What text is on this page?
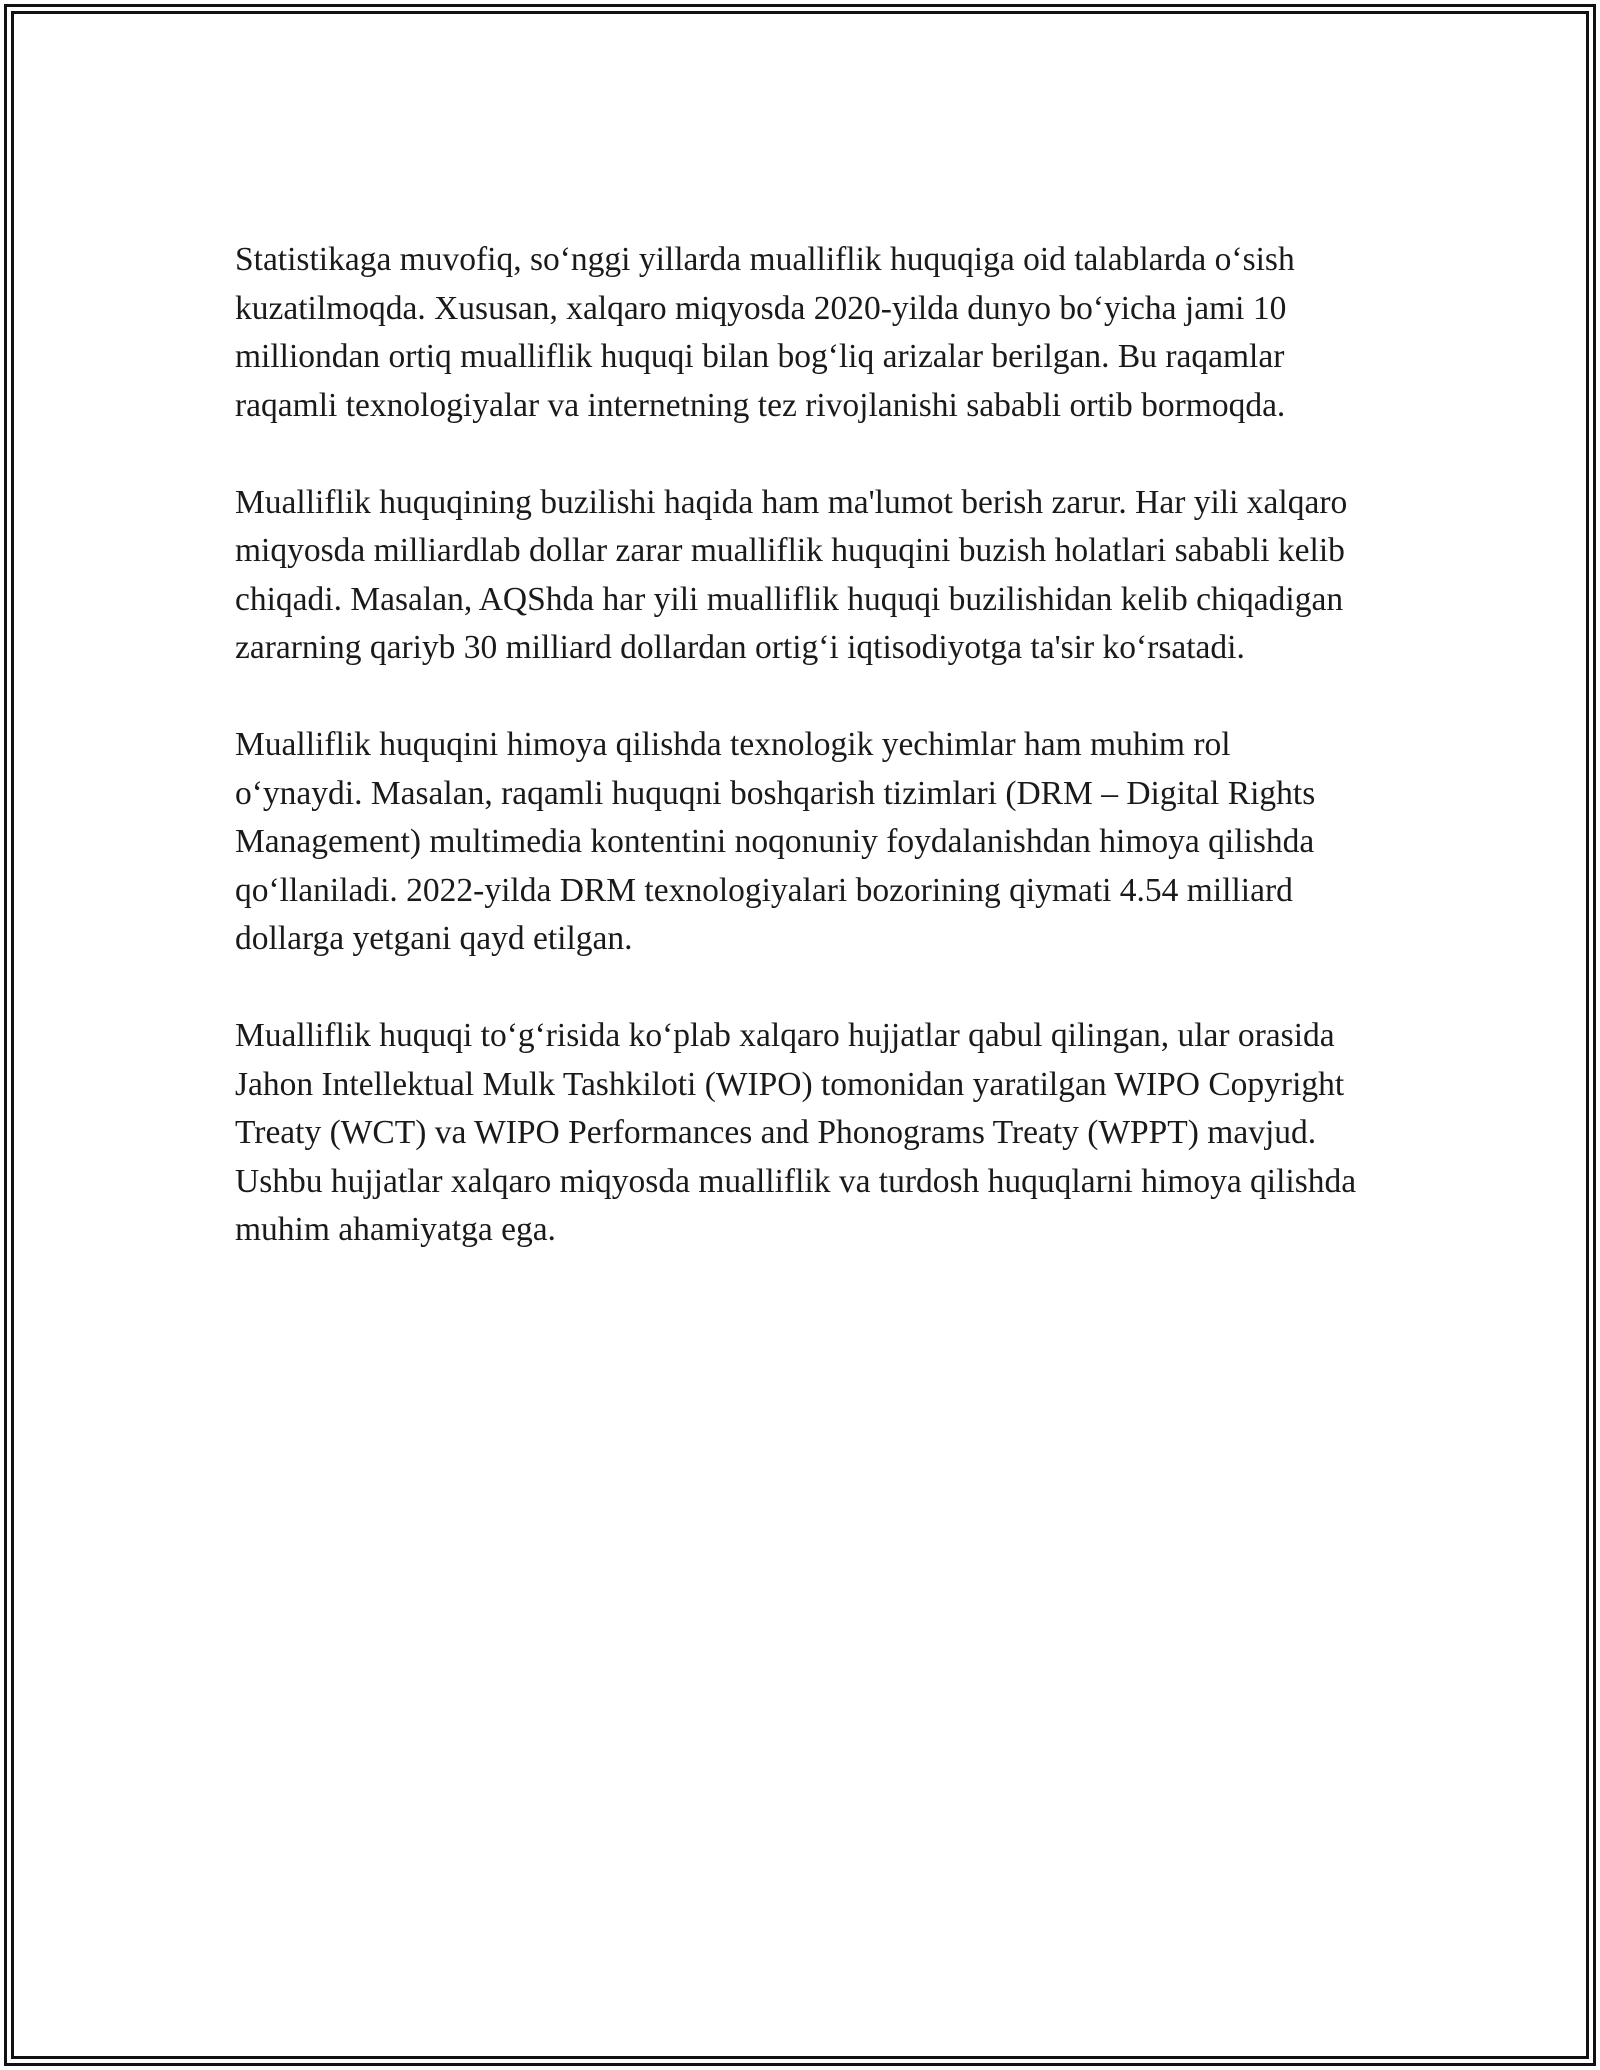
Statistikaga muvofiq, so‘nggi yillarda mualliflik huquqiga oid talablarda o‘sish kuzatilmoqda. Xususan, xalqaro miqyosda 2020-yilda dunyo bo‘yicha jami 10 milliondan ortiq mualliflik huquqi bilan bog‘liq arizalar berilgan. Bu raqamlar raqamli texnologiyalar va internetning tez rivojlanishi sababli ortib bormoqda.

Mualliflik huquqining buzilishi haqida ham ma'lumot berish zarur. Har yili xalqaro miqyosda milliardlab dollar zarar mualliflik huquqini buzish holatlari sababli kelib chiqadi. Masalan, AQShda har yili mualliflik huquqi buzilishidan kelib chiqadigan zararning qariyb 30 milliard dollardan ortig‘i iqtisodiyotga ta'sir ko‘rsatadi.

Mualliflik huquqini himoya qilishda texnologik yechimlar ham muhim rol o‘ynaydi. Masalan, raqamli huquqni boshqarish tizimlari (DRM – Digital Rights Management) multimedia kontentini noqonuniy foydalanishdan himoya qilishda qo‘llaniladi. 2022-yilda DRM texnologiyalari bozorining qiymati 4.54 milliard dollarga yetgani qayd etilgan.

Mualliflik huquqi to‘g‘risida ko‘plab xalqaro hujjatlar qabul qilingan, ular orasida Jahon Intellektual Mulk Tashkiloti (WIPO) tomonidan yaratilgan WIPO Copyright Treaty (WCT) va WIPO Performances and Phonograms Treaty (WPPT) mavjud. Ushbu hujjatlar xalqaro miqyosda mualliflik va turdosh huquqlarni himoya qilishda muhim ahamiyatga ega.
